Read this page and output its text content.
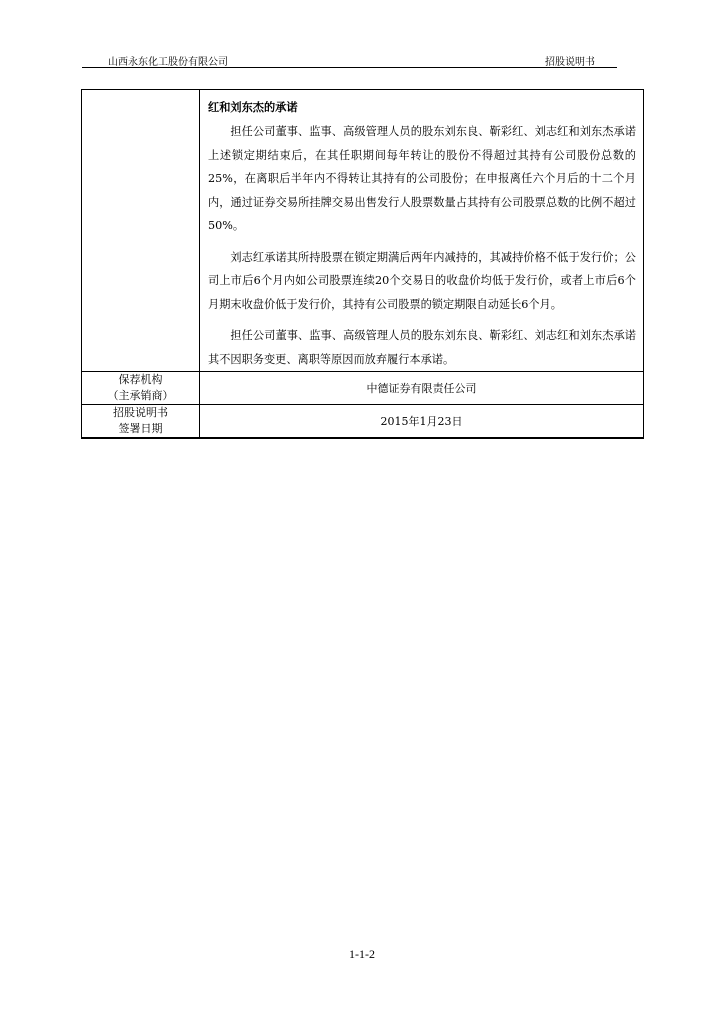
山西永东化工股份有限公司	招股说明书

	红和刘东杰的承诺

担任公司董事、监事、高级管理人员的股东刘东良、靳彩红、刘志红和刘东杰承诺上述锁定期结束后，在其任职期间每年转让的股份不得超过其持有公司股份总数的25%，在离职后半年内不得转让其持有的公司股份；在申报离任六个月后的十二个月内，通过证券交易所挂牌交易出售发行人股票数量占其持有公司股票总数的比例不超过50%。

刘志红承诺其所持股票在锁定期满后两年内减持的，其减持价格不低于发行价；公司上市后6个月内如公司股票连续20个交易日的收盘价均低于发行价，或者上市后6个月期末收盘价低于发行价，其持有公司股票的锁定期限自动延长6个月。

担任公司董事、监事、高级管理人员的股东刘东良、靳彩红、刘志红和刘东杰承诺其不因职务变更、离职等原因而放弃履行本承诺。

保荐机构
（主承销商）	中德证券有限责任公司

招股说明书
签署日期	2015年1月23日
1-1-2
